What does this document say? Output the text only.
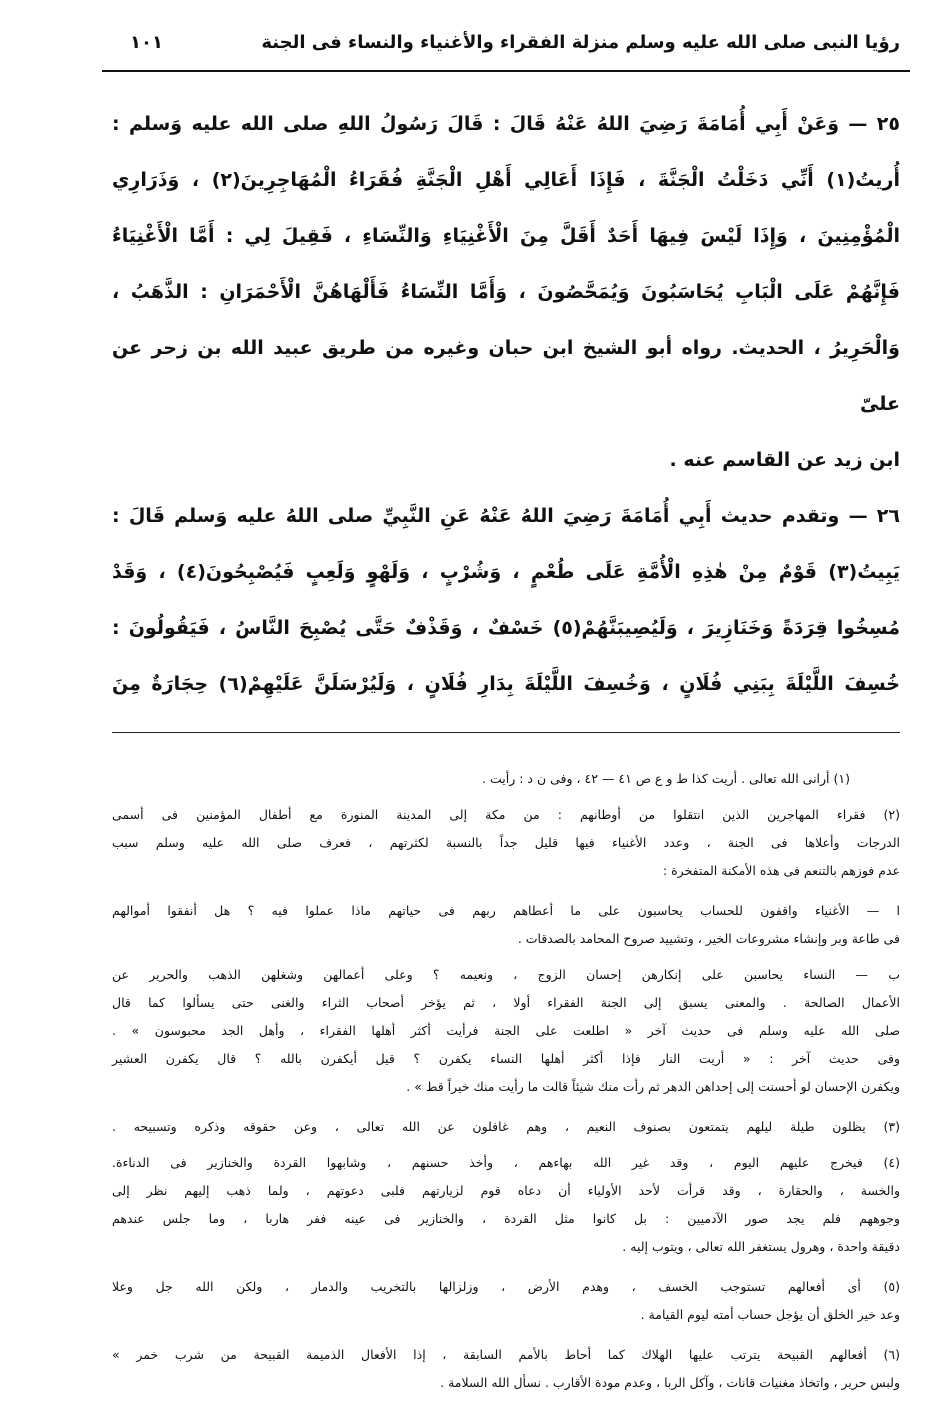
رؤيا النبى صلى الله عليه وسلم منزلة الفقراء والأغنياء والنساء فى الجنة
١٠١
٢٥ — وَعَنْ أَبِي أُمَامَةَ رَضِيَ اللهُ عَنْهُ قَالَ : قَالَ رَسُولُ اللهِ صلى الله عليه وَسلم :
أُريتُ(١) أَنِّي دَخَلْتُ الْجَنَّةَ ، فَإِذَا أَعَالِي أَهْلِ الْجَنَّةِ فُقَرَاءُ الْمُهَاجِرِينَ(٢) ، وَذَرَارِي
الْمُؤْمِنِينَ ، وَإِذَا لَيْسَ فِيهَا أَحَدٌ أَقَلَّ مِنَ الْأَغْنِيَاءِ وَالنِّسَاءِ ، فَقِيلَ لِي : أَمَّا الْأَغْنِيَاءُ
فَإِنَّهُمْ عَلَى الْبَابِ يُحَاسَبُونَ وَيُمَحَّصُونَ ، وَأَمَّا النِّسَاءُ فَأَلْهَاهُنَّ الْأَحْمَرَانِ : الذَّهَبُ ،
وَالْحَرِيرُ ، الحديث. رواه أبو الشيخ ابن حبان وغيره من طريق عبيد الله بن زحر عن علىّ
ابن زيد عن القاسم عنه .
٢٦ — وتقدم حديث أَبِي أُمَامَةَ رَضِيَ اللهُ عَنْهُ عَنِ النَّبِيِّ صلى اللهُ عليه وَسلم قَالَ :
يَبِيتُ(٣) قَوْمٌ مِنْ هٰذِهِ الْأُمَّةِ عَلَى طُعْمٍ ، وَشُرْبٍ ، وَلَهْوٍ وَلَعِبٍ فَيُصْبِحُونَ(٤) ، وَقَدْ
مُسِخُوا قِرَدَةً وَخَنَازِيرَ ، وَلَيُصِيبَنَّهُمْ(٥) خَسْفٌ ، وَقَذْفٌ حَتَّى يُصْبِحَ النَّاسُ ، فَيَقُولُونَ :
خُسِفَ اللَّيْلَةَ بِبَنِي فُلَانٍ ، وَخُسِفَ اللَّيْلَةَ بِدَارِ فُلَانٍ ، وَلَيُرْسَلَنَّ عَلَيْهِمْ(٦) حِجَارَةٌ مِنَ
(١) أرانى الله تعالى . أريت كذا ط و ع ص ٤١ — ٤٢ ، وفى ن د : رأيت .
(٢) فقراء المهاجرين الذين انتقلوا من أوطانهم : من مكة إلى المدينة المنورة مع أطفال المؤمنين فى أسمى
الدرجات وأعلاها فى الجنة ، وعدد الأغنياء فيها قليل جداً بالنسبة لكثرتهم ، فعرف صلى الله عليه وسلم سبب
عدم فوزهم بالتنعم فى هذه الأمكنة المتفخرة :
ا — الأغنياء واقفون للحساب يحاسبون على ما أعطاهم ربهم فى حياتهم ماذا عملوا فيه ؟ هل أنفقوا أموالهم
فى طاعة وبر وإنشاء مشروعات الخير ، وتشييد صروح المحامد بالصدقات .
ب — النساء يحاسبن على إنكارهن إحسان الزوج ، ونعيمه ؟ وعلى أعمالهن وشغلهن الذهب والحرير عن
الأعمال الصالحة . والمعنى يسبق إلى الجنة الفقراء أولا ، ثم يؤخر أصحاب الثراء والغنى حتى يسألوا كما قال
صلى الله عليه وسلم فى حديث آخر « اطلعت على الجنة فرأيت أكثر أهلها الفقراء ، وأهل الجد محبوسون » .
وفى حديث آخر : « أريت النار فإذا أكثر أهلها النساء يكفرن ؟ قيل أيكفرن بالله ؟ قال يكفرن العشير
ويكفرن الإحسان لو أحسنت إلى إحداهن الدهر ثم رأت منك شيئاً قالت ما رأيت منك خيراً قط » .
(٣) يظلون طيلة ليلهم يتمتعون بصنوف النعيم ، وهم غافلون عن الله تعالى ، وعن حقوقه وذكره وتسبيحه .
(٤) فيخرج عليهم اليوم ، وقد غير الله بهاءهم ، وأخذ حسنهم ، وشابهوا القردة والخنازير فى الدناءة.
والخسة ، والحقارة ، وقد قرأت لأحد الأولياء أن دعاه قوم لزيارتهم فلبى دعوتهم ، ولما ذهب إليهم نظر إلى
وجوههم فلم يجد صور الآدميين : بل كانوا مثل القردة ، والخنازير فى عينه ففر هاربا ، وما جلس عندهم
دقيقة واحدة ، وهرول يستغفر الله تعالى ، ويتوب إليه .
(٥) أى أفعالهم تستوجب الخسف ، وهدم الأرض ، وزلزالها بالتخريب والدمار ، ولكن الله جل وعلا
وعد خير الخلق أن يؤجل حساب أمته ليوم القيامة .
(٦) أفعالهم القبيحة يترتب عليها الهلاك كما أحاط بالأمم السابقة ، إذا الأفعال الذميمة القبيحة من شرب خمر »
ولبس حرير ، واتخاذ مغنيات قانات ، وآكل الربا ، وعدم مودة الأقارب . نسأل الله السلامة .
